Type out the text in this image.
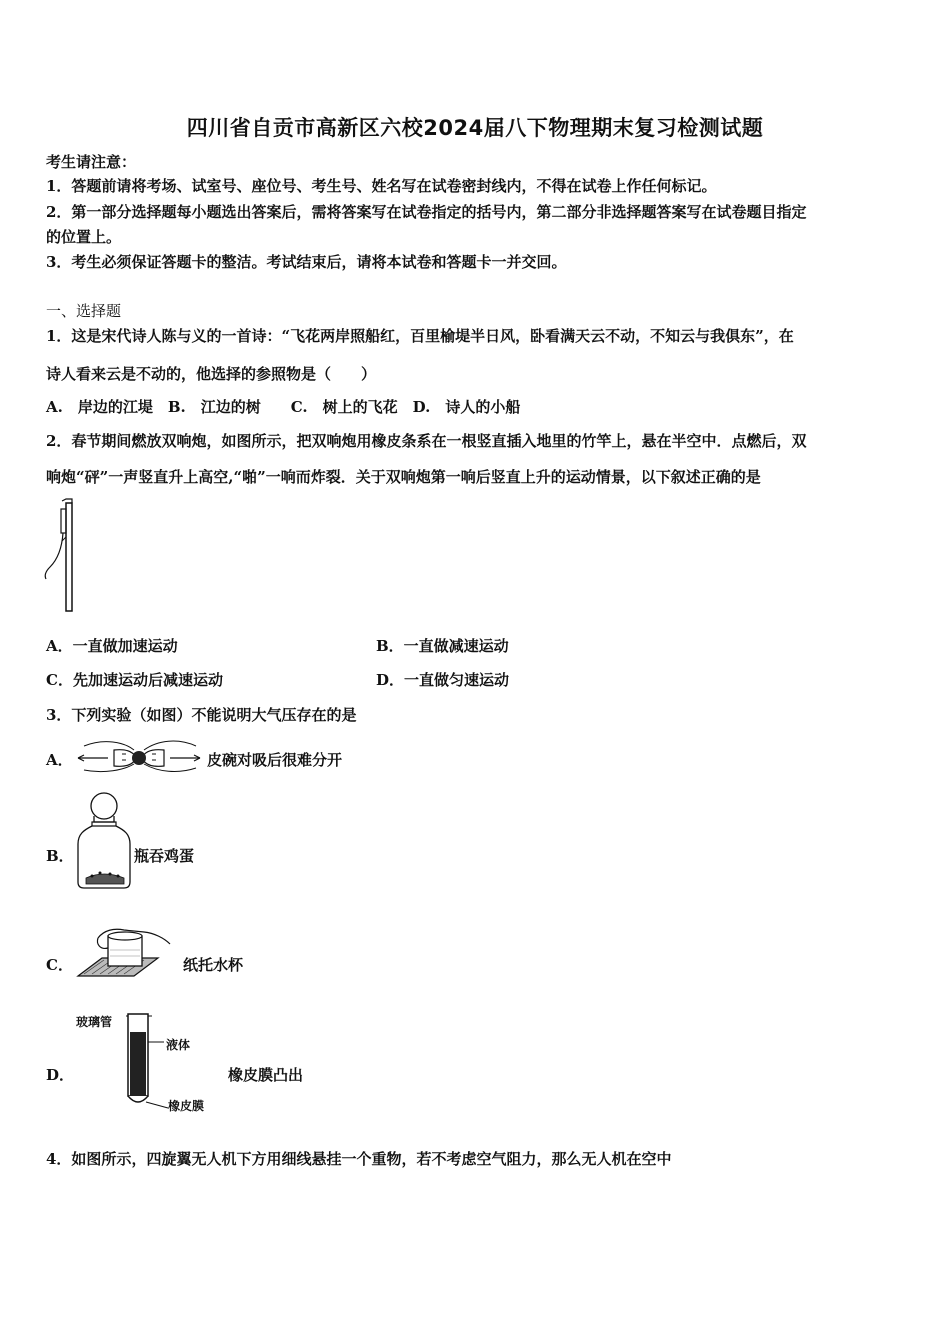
四川省自贡市高新区六校2024届八下物理期末复习检测试题
考生请注意：
1．答题前请将考场、试室号、座位号、考生号、姓名写在试卷密封线内，不得在试卷上作任何标记。
2．第一部分选择题每小题选出答案后，需将答案写在试卷指定的括号内，第二部分非选择题答案写在试卷题目指定
的位置上。
3．考生必须保证答题卡的整洁。考试结束后，请将本试卷和答题卡一并交回。
一、选择题
1．这是宋代诗人陈与义的一首诗：“飞花两岸照船红，百里榆堤半日风，卧看满天云不动，不知云与我俱东”，在
诗人看来云是不动的，他选择的参照物是（　　）
A.　岸边的江堤　B.　江边的树　　C.　树上的飞花　D.　诗人的小船
2．春节期间燃放双响炮，如图所示，把双响炮用橡皮条系在一根竖直插入地里的竹竿上，悬在半空中．点燃后，双
响炮“砰”一声竖直升上高空,“啪”一响而炸裂．关于双响炮第一响后竖直上升的运动情景，以下叙述正确的是
A．一直做加速运动	B．一直做减速运动
C．先加速运动后减速运动	D．一直做匀速运动
3．下列实验（如图）不能说明大气压存在的是
A．	皮碗对吸后很难分开
B．	瓶吞鸡蛋
C．	纸托水杯
D．
玻璃管
液体
橡皮膜
橡皮膜凸出
4．如图所示，四旋翼无人机下方用细线悬挂一个重物，若不考虑空气阻力，那么无人机在空中
